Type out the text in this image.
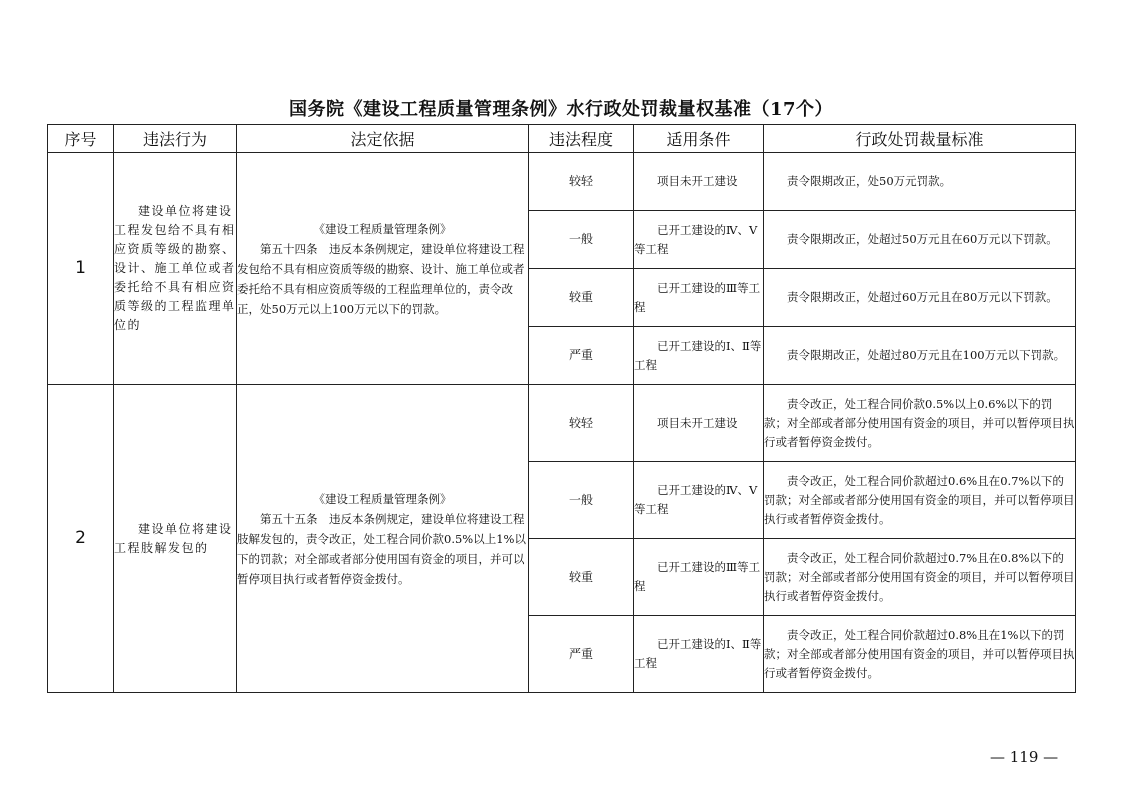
国务院《建设工程质量管理条例》水行政处罚裁量权基准（17个）
序号	违法行为	法定依据	违法程度	适用条件	行政处罚裁量标准
1	建设单位将建设工程发包给不具有相应资质等级的勘察、设计、施工单位或者委托给不具有相应资质等级的工程监理单位的	《建设工程质量管理条例》
第五十四条　违反本条例规定，建设单位将建设工程发包给不具有相应资质等级的勘察、设计、施工单位或者委托给不具有相应资质等级的工程监理单位的，责令改正，处50万元以上100万元以下的罚款。	较轻	项目未开工建设	责令限期改正，处50万元罚款。

			一般	已开工建设的Ⅳ、Ⅴ等工程	责令限期改正，处超过50万元且在60万元以下罚款。

			较重	已开工建设的Ⅲ等工程	责令限期改正，处超过60万元且在80万元以下罚款。

			严重	已开工建设的Ⅰ、Ⅱ等工程	责令限期改正，处超过80万元且在100万元以下罚款。

2	建设单位将建设工程肢解发包的	《建设工程质量管理条例》
第五十五条　违反本条例规定，建设单位将建设工程肢解发包的，责令改正，处工程合同价款0.5%以上1%以下的罚款；对全部或者部分使用国有资金的项目，并可以暂停项目执行或者暂停资金拨付。	较轻	项目未开工建设	责令改正，处工程合同价款0.5%以上0.6%以下的罚款；对全部或者部分使用国有资金的项目，并可以暂停项目执行或者暂停资金拨付。

			一般	已开工建设的Ⅳ、Ⅴ等工程	责令改正，处工程合同价款超过0.6%且在0.7%以下的罚款；对全部或者部分使用国有资金的项目，并可以暂停项目执行或者暂停资金拨付。

			较重	已开工建设的Ⅲ等工程	责令改正，处工程合同价款超过0.7%且在0.8%以下的罚款；对全部或者部分使用国有资金的项目，并可以暂停项目执行或者暂停资金拨付。

			严重	已开工建设的Ⅰ、Ⅱ等工程	责令改正，处工程合同价款超过0.8%且在1%以下的罚款；对全部或者部分使用国有资金的项目，并可以暂停项目执行或者暂停资金拨付。
— 119 —
